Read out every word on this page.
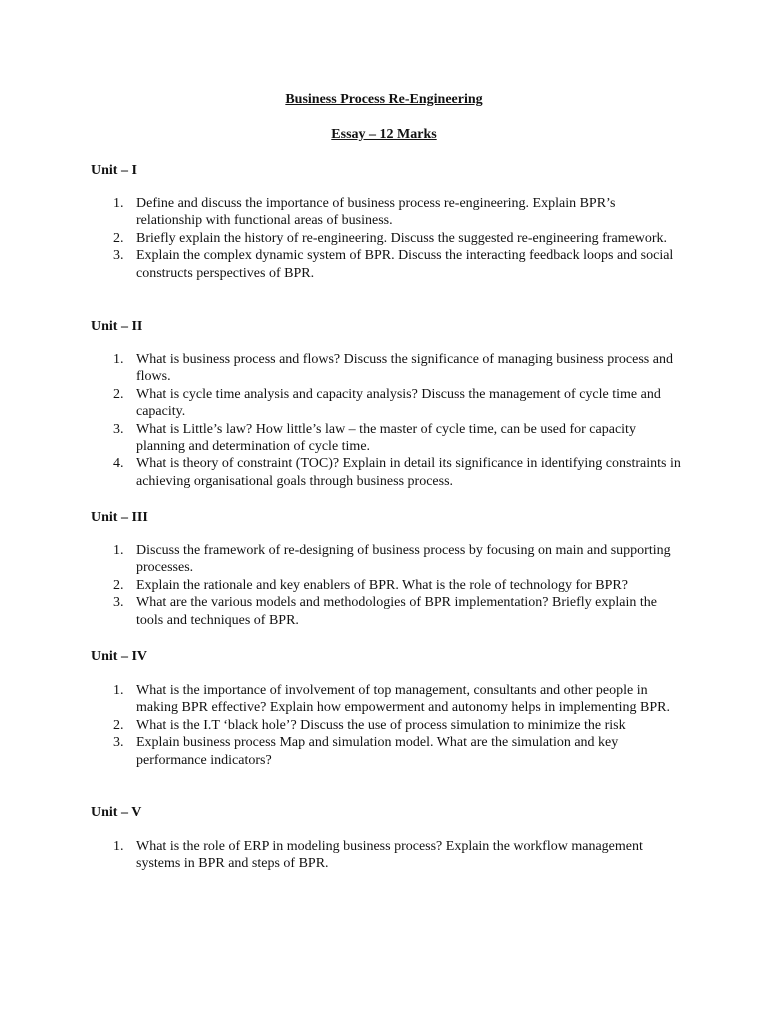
Business Process Re-Engineering
Essay – 12 Marks
Unit – I
1. Define and discuss the importance of business process re-engineering. Explain BPR’s relationship with functional areas of business.
2. Briefly explain the history of re-engineering. Discuss the suggested re-engineering framework.
3. Explain the complex dynamic system of BPR. Discuss the interacting feedback loops and social constructs perspectives of BPR.
Unit – II
1. What is business process and flows? Discuss the significance of managing business process and flows.
2. What is cycle time analysis and capacity analysis? Discuss the management of cycle time and capacity.
3. What is Little’s law? How little’s law – the master of cycle time, can be used for capacity planning and determination of cycle time.
4. What is theory of constraint (TOC)? Explain in detail its significance in identifying constraints in achieving organisational goals through business process.
Unit – III
1. Discuss the framework of re-designing of business process by focusing on main and supporting processes.
2. Explain the rationale and key enablers of BPR. What is the role of technology for BPR?
3. What are the various models and methodologies of BPR implementation? Briefly explain the tools and techniques of BPR.
Unit – IV
1. What is the importance of involvement of top management, consultants and other people in making BPR effective? Explain how empowerment and autonomy helps in implementing BPR.
2. What is the I.T ‘black hole’? Discuss the use of process simulation to minimize the risk
3. Explain business process Map and simulation model. What are the simulation and key performance indicators?
Unit – V
1. What is the role of ERP in modeling business process? Explain the workflow management systems in BPR and steps of BPR.
